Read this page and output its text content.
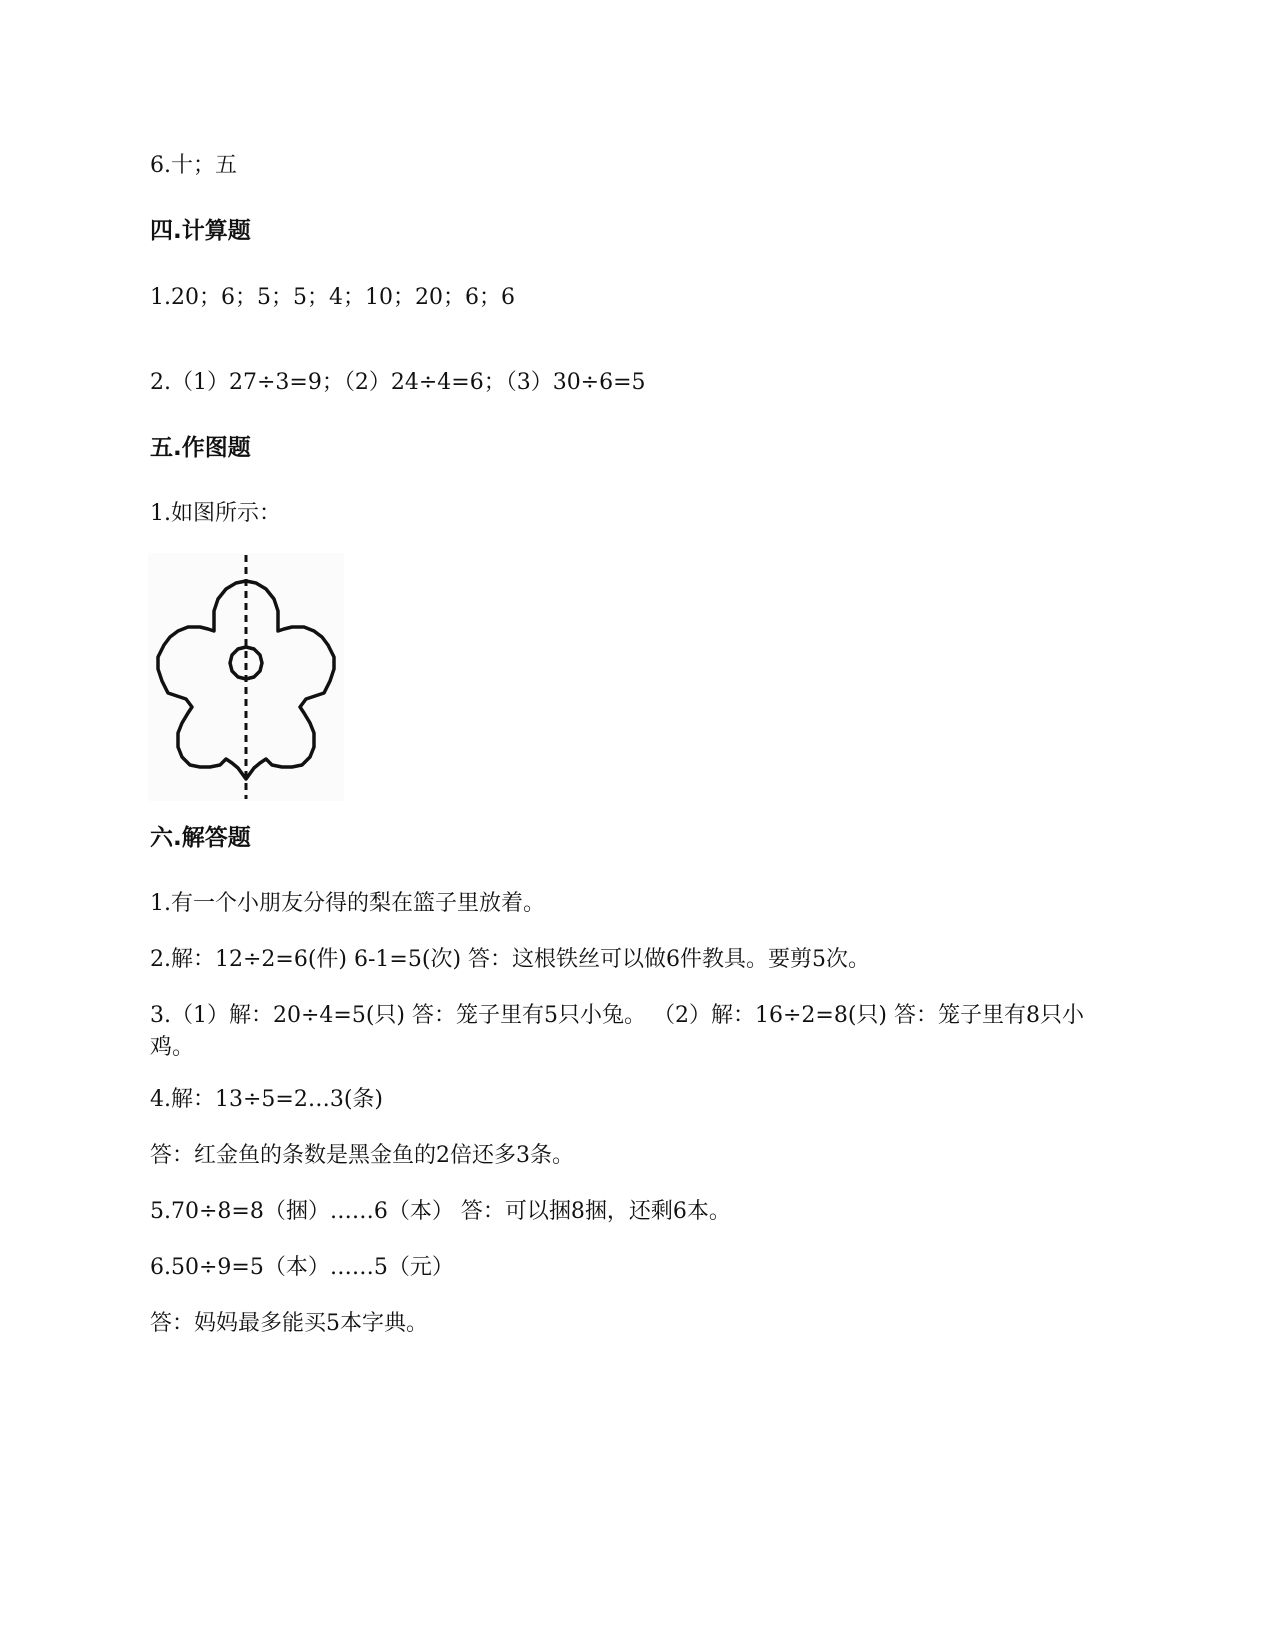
6.十；五
四.计算题
1.20；6；5；5；4；10；20；6；6
2.（1）27÷3=9；（2）24÷4=6；（3）30÷6=5
五.作图题
1.如图所示：
六.解答题
1.有一个小朋友分得的梨在篮子里放着。
2.解：12÷2=6(件) 6-1=5(次) 答：这根铁丝可以做6件教具。要剪5次。
3.（1）解：20÷4=5(只) 答：笼子里有5只小兔。 （2）解：16÷2=8(只) 答：笼子里有8只小鸡。
4.解：13÷5=2…3(条)
答：红金鱼的条数是黑金鱼的2倍还多3条。
5.70÷8=8（捆）……6（本） 答：可以捆8捆，还剩6本。
6.50÷9=5（本）……5（元）
答：妈妈最多能买5本字典。
